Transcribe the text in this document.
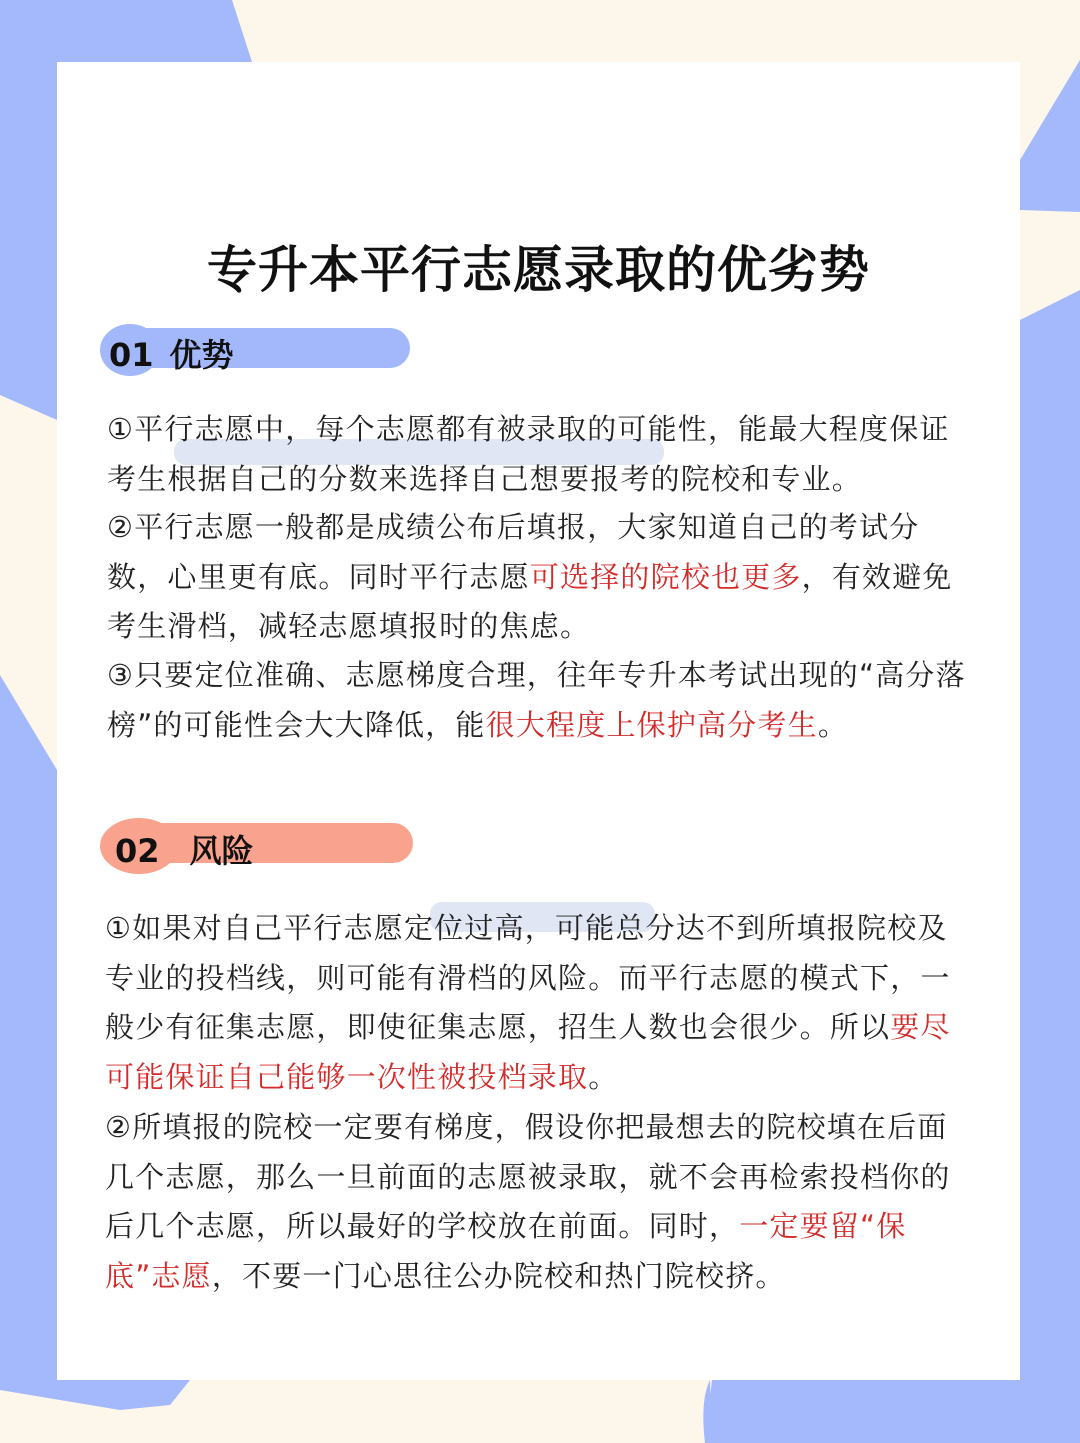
专升本平行志愿录取的优劣势
01 优势
①平行志愿中，每个志愿都有被录取的可能性，能最大程度保证考生根据自己的分数来选择自己想要报考的院校和专业。
②平行志愿一般都是成绩公布后填报，大家知道自己的考试分数，心里更有底。同时平行志愿可选择的院校也更多，有效避免考生滑档，减轻志愿填报时的焦虑。
③只要定位准确、志愿梯度合理，往年专升本考试出现的“高分落榜”的可能性会大大降低，能很大程度上保护高分考生。
02 风险
①如果对自己平行志愿定位过高，可能总分达不到所填报院校及专业的投档线，则可能有滑档的风险。而平行志愿的模式下，一般少有征集志愿，即使征集志愿，招生人数也会很少。所以要尽可能保证自己能够一次性被投档录取。
②所填报的院校一定要有梯度，假设你把最想去的院校填在后面几个志愿，那么一旦前面的志愿被录取，就不会再检索投档你的后几个志愿，所以最好的学校放在前面。同时，一定要留“保底”志愿，不要一门心思往公办院校和热门院校挤。
